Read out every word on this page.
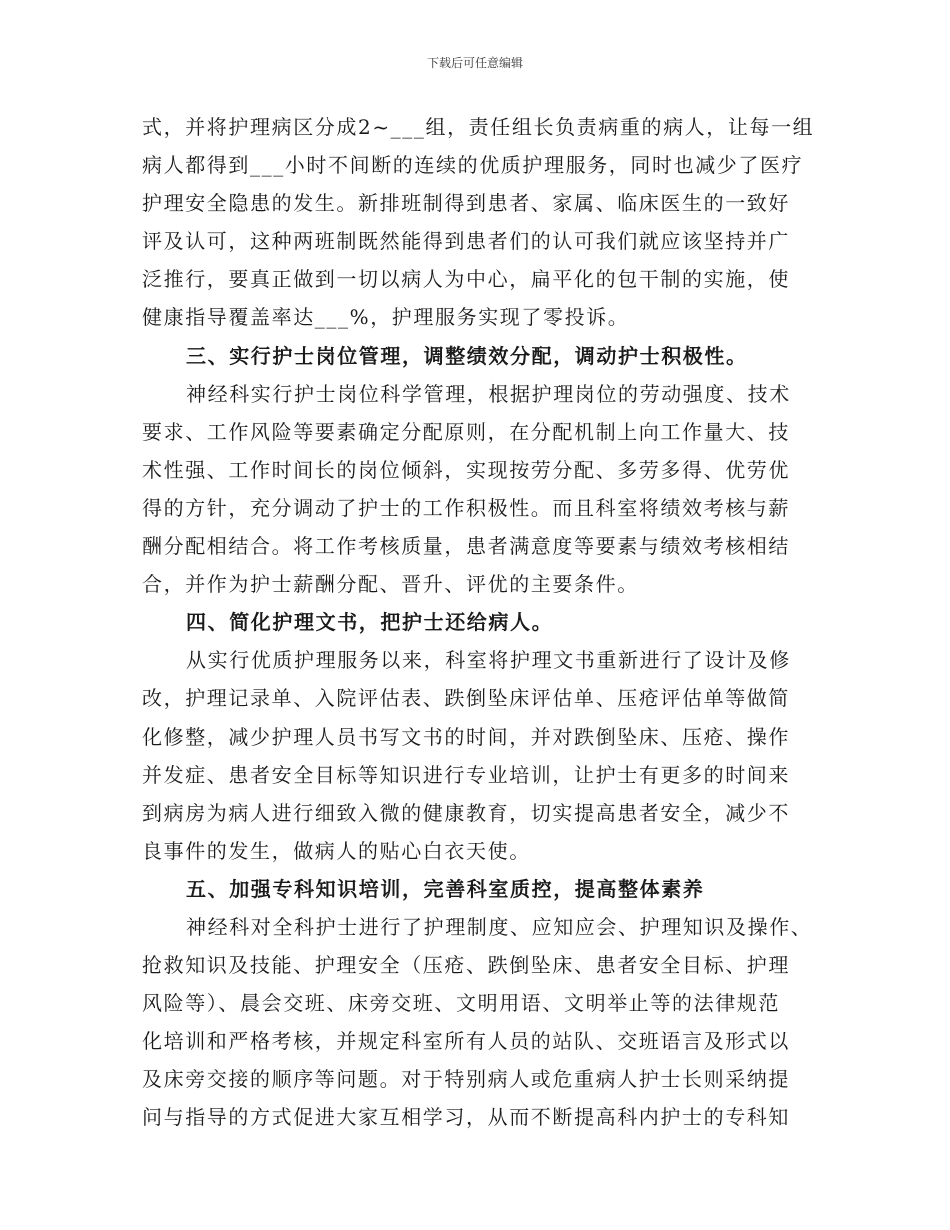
下载后可任意编辑
式，并将护理病区分成2~___组，责任组长负责病重的病人，让每一组
病人都得到___小时不间断的连续的优质护理服务，同时也减少了医疗
护理安全隐患的发生。新排班制得到患者、家属、临床医生的一致好
评及认可，这种两班制既然能得到患者们的认可我们就应该坚持并广
泛推行，要真正做到一切以病人为中心，扁平化的包干制的实施，使
健康指导覆盖率达___%，护理服务实现了零投诉。
三、实行护士岗位管理，调整绩效分配，调动护士积极性。
神经科实行护士岗位科学管理，根据护理岗位的劳动强度、技术
要求、工作风险等要素确定分配原则，在分配机制上向工作量大、技
术性强、工作时间长的岗位倾斜，实现按劳分配、多劳多得、优劳优
得的方针，充分调动了护士的工作积极性。而且科室将绩效考核与薪
酬分配相结合。将工作考核质量，患者满意度等要素与绩效考核相结
合，并作为护士薪酬分配、晋升、评优的主要条件。
四、简化护理文书，把护士还给病人。
从实行优质护理服务以来，科室将护理文书重新进行了设计及修
改，护理记录单、入院评估表、跌倒坠床评估单、压疮评估单等做简
化修整，减少护理人员书写文书的时间，并对跌倒坠床、压疮、操作
并发症、患者安全目标等知识进行专业培训，让护士有更多的时间来
到病房为病人进行细致入微的健康教育，切实提高患者安全，减少不
良事件的发生，做病人的贴心白衣天使。
五、加强专科知识培训，完善科室质控，提高整体素养
神经科对全科护士进行了护理制度、应知应会、护理知识及操作、
抢救知识及技能、护理安全（压疮、跌倒坠床、患者安全目标、护理
风险等）、晨会交班、床旁交班、文明用语、文明举止等的法律规范
化培训和严格考核，并规定科室所有人员的站队、交班语言及形式以
及床旁交接的顺序等问题。对于特别病人或危重病人护士长则采纳提
问与指导的方式促进大家互相学习，从而不断提高科内护士的专科知
